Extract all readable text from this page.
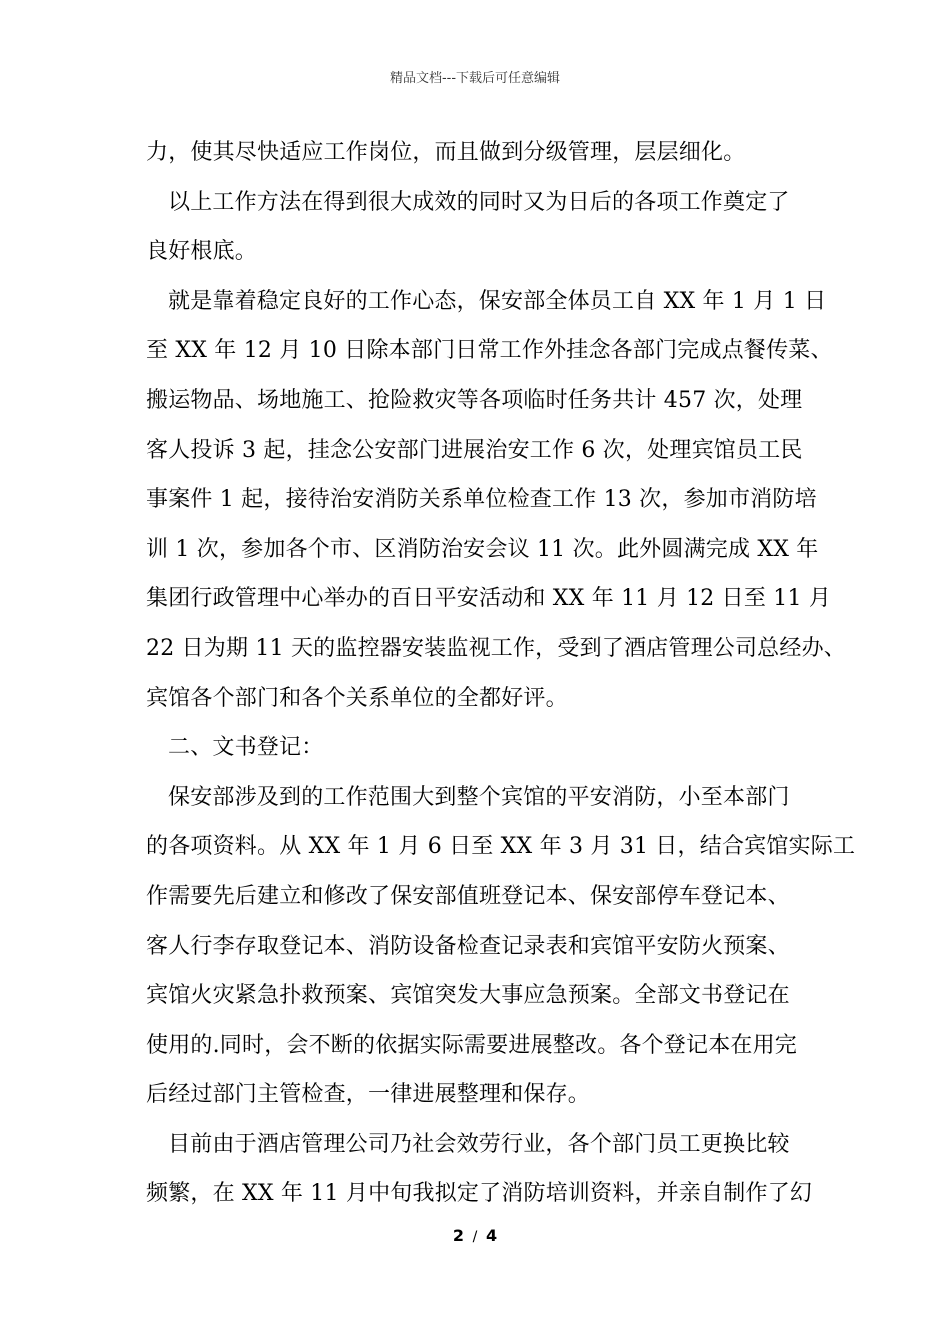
精品文档---下载后可任意编辑
力，使其尽快适应工作岗位，而且做到分级管理，层层细化。
以上工作方法在得到很大成效的同时又为日后的各项工作奠定了
良好根底。
就是靠着稳定良好的工作心态，保安部全体员工自 XX 年 1 月 1 日
至 XX 年 12 月 10 日除本部门日常工作外挂念各部门完成点餐传菜、
搬运物品、场地施工、抢险救灾等各项临时任务共计 457 次，处理
客人投诉 3 起，挂念公安部门进展治安工作 6 次，处理宾馆员工民
事案件 1 起，接待治安消防关系单位检查工作 13 次，参加市消防培
训 1 次，参加各个市、区消防治安会议 11 次。此外圆满完成 XX 年
集团行政管理中心举办的百日平安活动和 XX 年 11 月 12 日至 11 月
22 日为期 11 天的监控器安装监视工作，受到了酒店管理公司总经办、
宾馆各个部门和各个关系单位的全都好评。
二、文书登记：
保安部涉及到的工作范围大到整个宾馆的平安消防，小至本部门
的各项资料。从 XX 年 1 月 6 日至 XX 年 3 月 31 日，结合宾馆实际工
作需要先后建立和修改了保安部值班登记本、保安部停车登记本、
客人行李存取登记本、消防设备检查记录表和宾馆平安防火预案、
宾馆火灾紧急扑救预案、宾馆突发大事应急预案。全部文书登记在
使用的.同时，会不断的依据实际需要进展整改。各个登记本在用完
后经过部门主管检查，一律进展整理和保存。
目前由于酒店管理公司乃社会效劳行业，各个部门员工更换比较
频繁，在 XX 年 11 月中旬我拟定了消防培训资料，并亲自制作了幻
2 / 4
